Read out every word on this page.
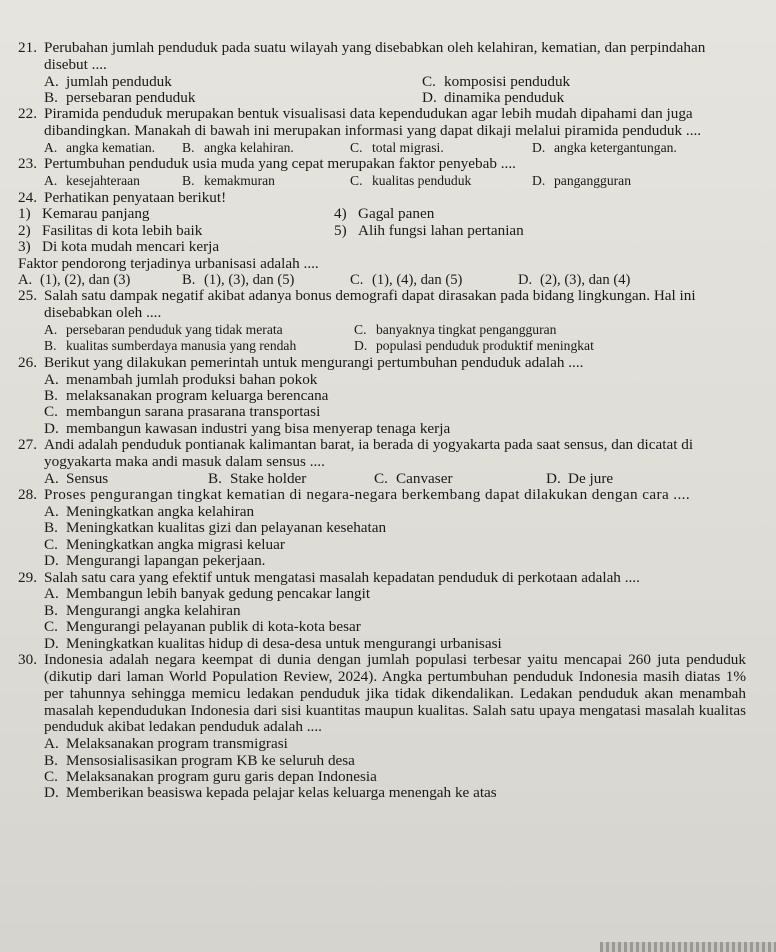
21. Perubahan jumlah penduduk pada suatu wilayah yang disebabkan oleh kelahiran, kematian, dan perpindahan disebut ....
A. jumlah penduduk	C. komposisi penduduk
B. persebaran penduduk	D. dinamika penduduk
22. Piramida penduduk merupakan bentuk visualisasi data kependudukan agar lebih mudah dipahami dan juga dibandingkan. Manakah di bawah ini merupakan informasi yang dapat dikaji melalui piramida penduduk ....
A. angka kematian. B. angka kelahiran.	C. total migrasi.	D. angka ketergantungan.
23. Pertumbuhan penduduk usia muda yang cepat merupakan faktor penyebab ....
A. kesejahteraan	B. kemakmuran	C. kualitas penduduk	D. pangangguran
24. Perhatikan penyataan berikut!
1) Kemarau panjang	4) Gagal panen
2) Fasilitas di kota lebih baik	5) Alih fungsi lahan pertanian
3) Di kota mudah mencari kerja
Faktor pendorong terjadinya urbanisasi adalah ....
A. (1), (2), dan (3)	B. (1), (3), dan (5)	C. (1), (4), dan (5)	D. (2), (3), dan (4)
25. Salah satu dampak negatif akibat adanya bonus demografi dapat dirasakan pada bidang lingkungan. Hal ini disebabkan oleh ....
A. persebaran penduduk yang tidak merata	C. banyaknya tingkat pengangguran
B. kualitas sumberdaya manusia yang rendah	D. populasi penduduk produktif meningkat
26. Berikut yang dilakukan pemerintah untuk mengurangi pertumbuhan penduduk adalah ....
A. menambah jumlah produksi bahan pokok
B. melaksanakan program keluarga berencana
C. membangun sarana prasarana transportasi
D. membangun kawasan industri yang bisa menyerap tenaga kerja
27. Andi adalah penduduk pontianak kalimantan barat, ia berada di yogyakarta pada saat sensus, dan dicatat di yogyakarta maka andi masuk dalam sensus ....
A. Sensus	B. Stake holder	C. Canvaser	D. De jure
28. Proses pengurangan tingkat kematian di negara-negara berkembang dapat dilakukan dengan cara ....
A. Meningkatkan angka kelahiran
B. Meningkatkan kualitas gizi dan pelayanan kesehatan
C. Meningkatkan angka migrasi keluar
D. Mengurangi lapangan pekerjaan.
29. Salah satu cara yang efektif untuk mengatasi masalah kepadatan penduduk di perkotaan adalah ....
A. Membangun lebih banyak gedung pencakar langit
B. Mengurangi angka kelahiran
C. Mengurangi pelayanan publik di kota-kota besar
D. Meningkatkan kualitas hidup di desa-desa untuk mengurangi urbanisasi
30. Indonesia adalah negara keempat di dunia dengan jumlah populasi terbesar yaitu mencapai 260 juta penduduk (dikutip dari laman World Population Review, 2024). Angka pertumbuhan penduduk Indonesia masih diatas 1% per tahunnya sehingga memicu ledakan penduduk jika tidak dikendalikan. Ledakan penduduk akan menambah masalah kependudukan Indonesia dari sisi kuantitas maupun kualitas. Salah satu upaya mengatasi masalah kualitas penduduk akibat ledakan penduduk adalah ....
A. Melaksanakan program transmigrasi
B. Mensosialisasikan program KB ke seluruh desa
C. Melaksanakan program guru garis depan Indonesia
D. Memberikan beasiswa kepada pelajar kelas keluarga menengah ke atas
